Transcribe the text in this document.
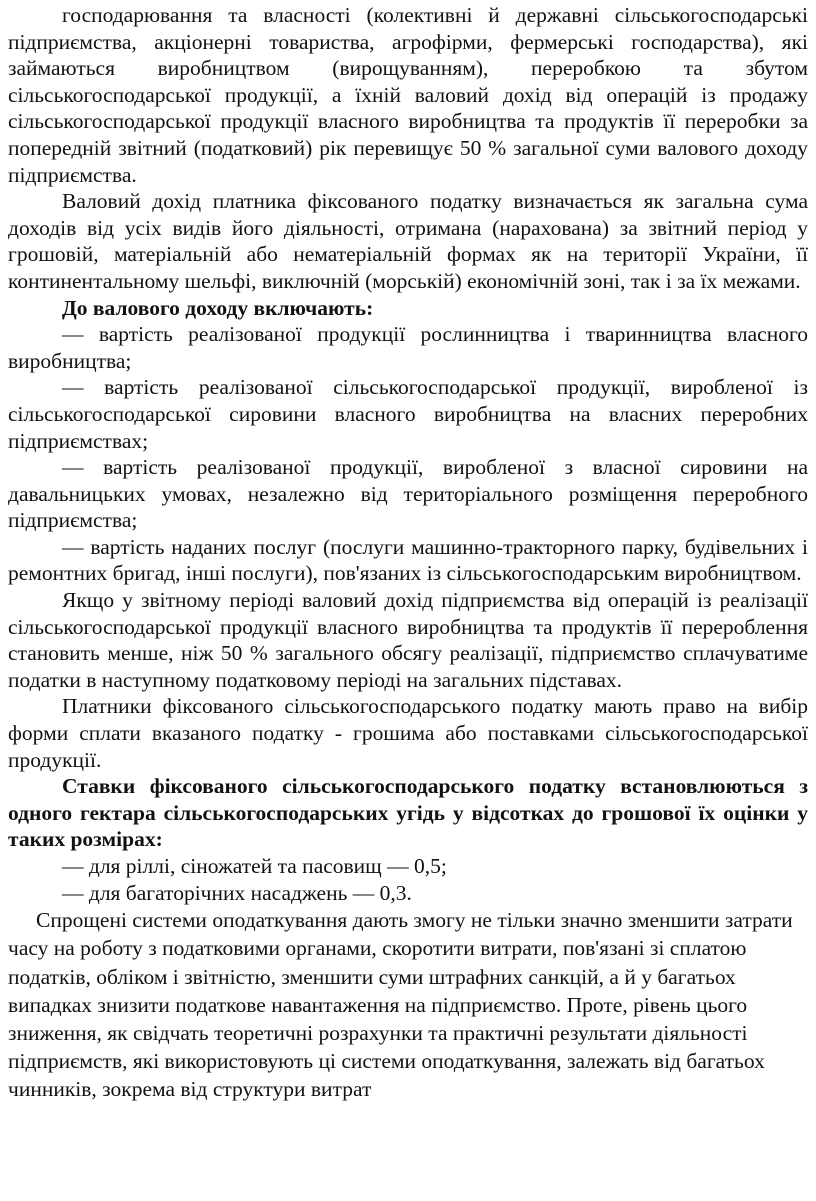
господарювання та власності (колективні й державні сільськогосподарські підприємства, акціонерні товариства, агрофірми, фермерські господарства), які займаються виробництвом (вирощуванням), переробкою та збутом сільськогосподарської продукції, а їхній валовий дохід від операцій із продажу сільськогосподарської продукції власного виробництва та продуктів її переробки за попередній звітний (податковий) рік перевищує 50 % загальної суми валового доходу підприємства.

Валовий дохід платника фіксованого податку визначається як загальна сума доходів від усіх видів його діяльності, отримана (нарахована) за звітний період у грошовій, матеріальній або нематеріальній формах як на території України, її континентальному шельфі, виключній (морській) економічній зоні, так і за їх межами.

До валового доходу включають:

— вартість реалізованої продукції рослинництва і тваринництва власного виробництва;

— вартість реалізованої сільськогосподарської продукції, виробленої із сільськогосподарської сировини власного виробництва на власних переробних підприємствах;

— вартість реалізованої продукції, виробленої з власної сировини на давальницьких умовах, незалежно від територіального розміщення переробного підприємства;

— вартість наданих послуг (послуги машинно-тракторного парку, будівельних і ремонтних бригад, інші послуги), пов'язаних із сільськогосподарським виробництвом.

Якщо у звітному періоді валовий дохід підприємства від операцій із реалізації сільськогосподарської продукції власного виробництва та продуктів її перероблення становить менше, ніж 50 % загального обсягу реалізації, підприємство сплачуватиме податки в наступному податковому періоді на загальних підставах.

Платники фіксованого сільськогосподарського податку мають право на вибір форми сплати вказаного податку - грошима або поставками сільськогосподарської продукції.

Ставки фіксованого сільськогосподарського податку встановлюються з одного гектара сільськогосподарських угідь у відсотках до грошової їх оцінки у таких розмірах:

— для ріллі, сіножатей та пасовищ — 0,5;

— для багаторічних насаджень — 0,3.

Спрощені системи оподаткування дають змогу не тільки значно зменшити затрати часу на роботу з податковими органами, скоротити витрати, пов'язані зі сплатою податків, обліком і звітністю, зменшити суми штрафних санкцій, а й у багатьох випадках знизити податкове навантаження на підприємство. Проте, рівень цього зниження, як свідчать теоретичні розрахунки та практичні результати діяльності підприємств, які використовують ці системи оподаткування, залежать від багатьох чинників, зокрема від структури витрат
